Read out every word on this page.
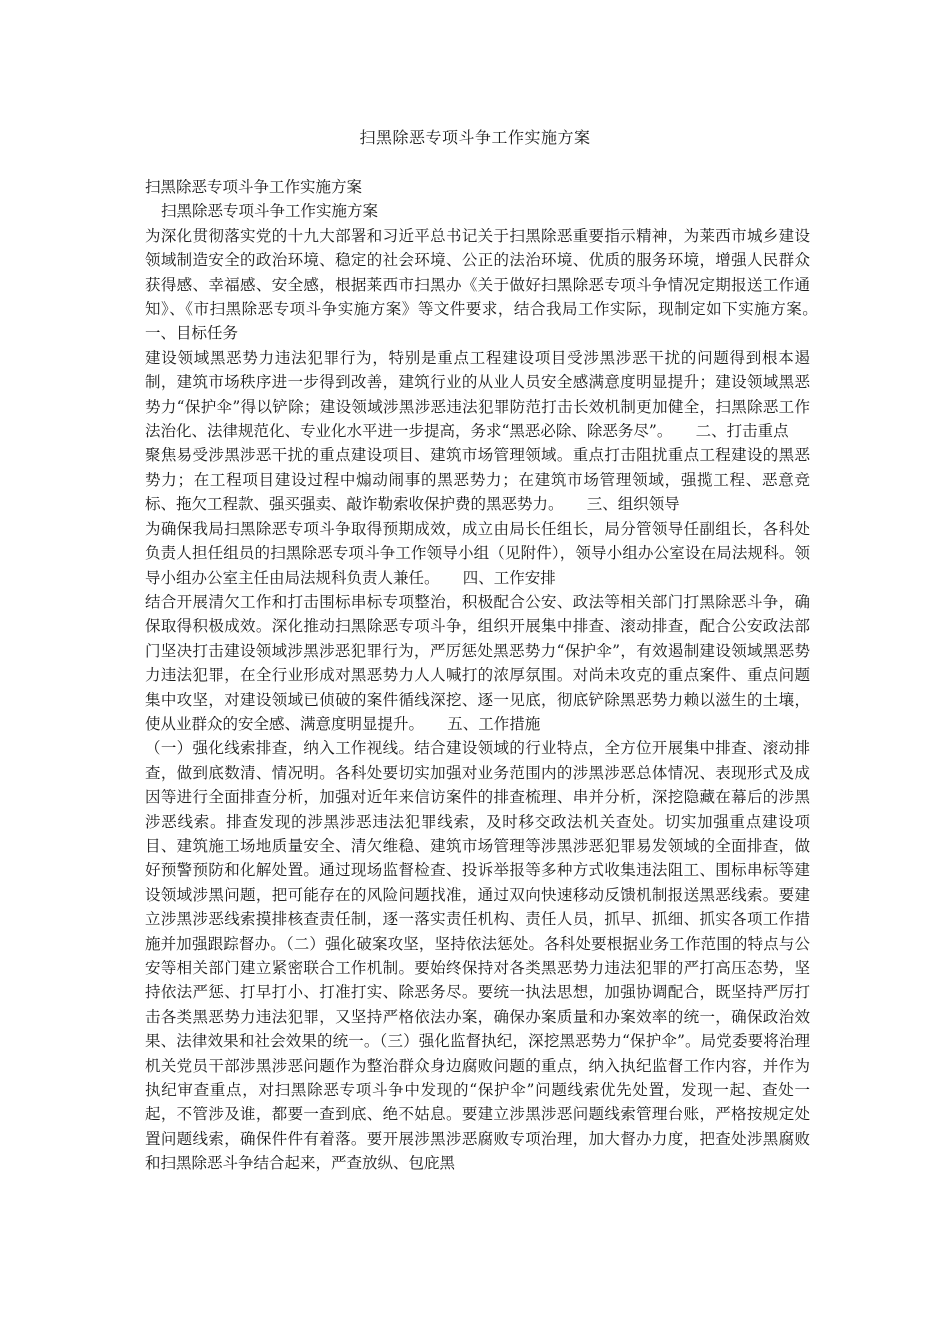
扫黑除恶专项斗争工作实施方案

扫黑除恶专项斗争工作实施方案

扫黑除恶专项斗争工作实施方案

为深化贯彻落实党的十九大部署和习近平总书记关于扫黑除恶重要指示精神，为莱西市城乡建设领域制造安全的政治环境、稳定的社会环境、公正的法治环境、优质的服务环境，增强人民群众获得感、幸福感、安全感，根据莱西市扫黑办《关于做好扫黑除恶专项斗争情况定期报送工作通知》、《市扫黑除恶专项斗争实施方案》等文件要求，结合我局工作实际，现制定如下实施方案。　　一、目标任务

建设领域黑恶势力违法犯罪行为，特别是重点工程建设项目受涉黑涉恶干扰的问题得到根本遏制，建筑市场秩序进一步得到改善，建筑行业的从业人员安全感满意度明显提升；建设领域黑恶势力“保护伞”得以铲除；建设领域涉黑涉恶违法犯罪防范打击长效机制更加健全，扫黑除恶工作法治化、法律规范化、专业化水平进一步提高，务求“黑恶必除、除恶务尽”。　　二、打击重点

聚焦易受涉黑涉恶干扰的重点建设项目、建筑市场管理领域。重点打击阻扰重点工程建设的黑恶势力；在工程项目建设过程中煽动闹事的黑恶势力；在建筑市场管理领域，强揽工程、恶意竞标、拖欠工程款、强买强卖、敲诈勒索收保护费的黑恶势力。　　三、组织领导

为确保我局扫黑除恶专项斗争取得预期成效，成立由局长任组长，局分管领导任副组长，各科处负责人担任组员的扫黑除恶专项斗争工作领导小组（见附件），领导小组办公室设在局法规科。领导小组办公室主任由局法规科负责人兼任。　　四、工作安排

结合开展清欠工作和打击围标串标专项整治，积极配合公安、政法等相关部门打黑除恶斗争，确保取得积极成效。深化推动扫黑除恶专项斗争，组织开展集中排查、滚动排查，配合公安政法部门坚决打击建设领域涉黑涉恶犯罪行为，严厉惩处黑恶势力“保护伞”，有效遏制建设领域黑恶势力违法犯罪，在全行业形成对黑恶势力人人喊打的浓厚氛围。对尚未攻克的重点案件、重点问题集中攻坚，对建设领域已侦破的案件循线深挖、逐一见底，彻底铲除黑恶势力赖以滋生的土壤，使从业群众的安全感、满意度明显提升。　　五、工作措施

（一）强化线索排查，纳入工作视线。结合建设领域的行业特点，全方位开展集中排查、滚动排查，做到底数清、情况明。各科处要切实加强对业务范围内的涉黑涉恶总体情况、表现形式及成因等进行全面排查分析，加强对近年来信访案件的排查梳理、串并分析，深挖隐藏在幕后的涉黑涉恶线索。排查发现的涉黑涉恶违法犯罪线索，及时移交政法机关查处。切实加强重点建设项目、建筑施工场地质量安全、清欠维稳、建筑市场管理等涉黑涉恶犯罪易发领域的全面排查，做好预警预防和化解处置。通过现场监督检查、投诉举报等多种方式收集违法阻工、围标串标等建设领域涉黑问题，把可能存在的风险问题找准，通过双向快速移动反馈机制报送黑恶线索。要建立涉黑涉恶线索摸排核查责任制，逐一落实责任机构、责任人员，抓早、抓细、抓实各项工作措施并加强跟踪督办。（二）强化破案攻坚，坚持依法惩处。各科处要根据业务工作范围的特点与公安等相关部门建立紧密联合工作机制。要始终保持对各类黑恶势力违法犯罪的严打高压态势，坚持依法严惩、打早打小、打准打实、除恶务尽。要统一执法思想，加强协调配合，既坚持严厉打击各类黑恶势力违法犯罪，又坚持严格依法办案，确保办案质量和办案效率的统一，确保政治效果、法律效果和社会效果的统一。（三）强化监督执纪，深挖黑恶势力“保护伞”。局党委要将治理机关党员干部涉黑涉恶问题作为整治群众身边腐败问题的重点，纳入执纪监督工作内容，并作为执纪审查重点，对扫黑除恶专项斗争中发现的“保护伞”问题线索优先处置，发现一起、查处一起，不管涉及谁，都要一查到底、绝不姑息。要建立涉黑涉恶问题线索管理台账，严格按规定处置问题线索，确保件件有着落。要开展涉黑涉恶腐败专项治理，加大督办力度，把查处涉黑腐败和扫黑除恶斗争结合起来，严查放纵、包庇黑
